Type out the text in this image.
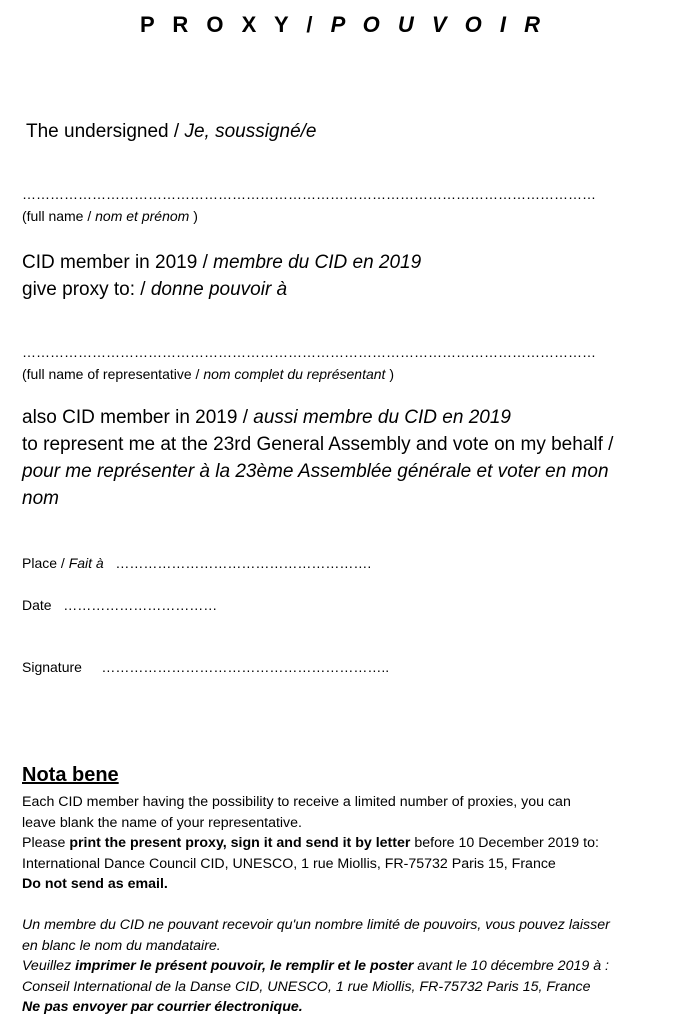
P R O X Y / P O U V O I R
The undersigned / Je, soussigné/e
……………………………………………………………………………………………………………
(full name / nom et prénom )
CID member in 2019 / membre du CID en 2019
give proxy to: / donne pouvoir à
……………………………………………………………………………………………………………
(full name of representative / nom complet du représentant )
also CID member in 2019 / aussi membre du CID en 2019
to represent me at the 23rd General Assembly and vote on my behalf /
pour me représenter à la 23ème Assemblée générale et voter en mon
nom
Place / Fait à ……………………………………………….
Date ……………………………
Signature ……………………………………………………..
Nota bene
Each CID member having the possibility to receive a limited number of proxies, you can
leave blank the name of your representative.
Please print the present proxy, sign it and send it by letter before 10 December 2019 to:
International Dance Council CID, UNESCO, 1 rue Miollis, FR-75732 Paris 15, France
Do not send as email.
Un membre du CID ne pouvant recevoir qu'un nombre limité de pouvoirs, vous pouvez laisser
en blanc le nom du mandataire.
Veuillez imprimer le présent pouvoir, le remplir et le poster avant le 10 décembre 2019 à :
Conseil International de la Danse CID, UNESCO, 1 rue Miollis, FR-75732 Paris 15, France
Ne pas envoyer par courrier électronique.
